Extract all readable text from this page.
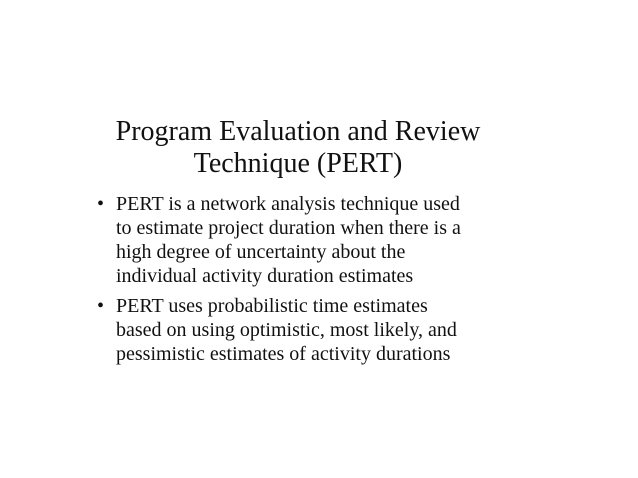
Program Evaluation and Review
Technique (PERT)
• PERT is a network analysis technique used
to estimate project duration when there is a
high degree of uncertainty about the
individual activity duration estimates
• PERT uses probabilistic time estimates
based on using optimistic, most likely, and
pessimistic estimates of activity durations
